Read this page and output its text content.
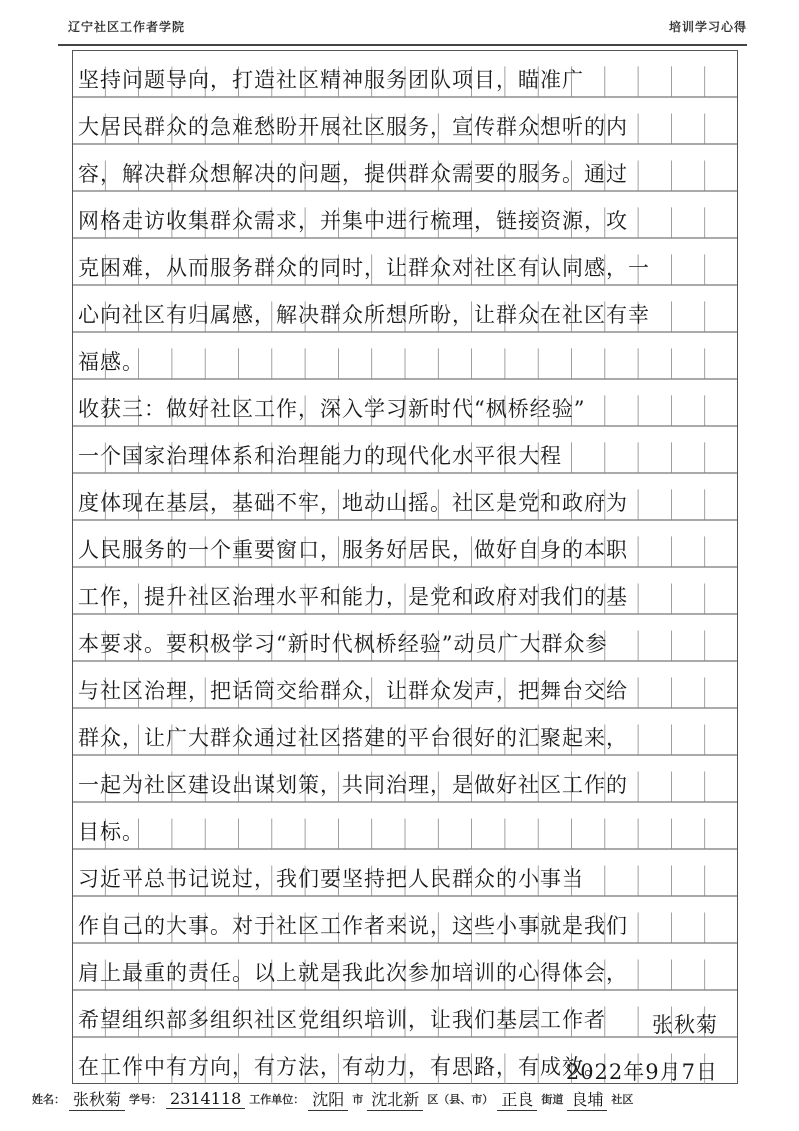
辽宁社区工作者学院	培训学习心得
坚持问题导向，打造社区精神服务团队项目，瞄准广
大居民群众的急难愁盼开展社区服务，宣传群众想听的内
容，解决群众想解决的问题，提供群众需要的服务。通过
网格走访收集群众需求，并集中进行梳理，链接资源，攻
克困难，从而服务群众的同时，让群众对社区有认同感，一
心向社区有归属感，解决群众所想所盼，让群众在社区有幸
福感。
收获三：做好社区工作，深入学习新时代“枫桥经验”
一个国家治理体系和治理能力的现代化水平很大程
度体现在基层，基础不牢，地动山摇。社区是党和政府为
人民服务的一个重要窗口，服务好居民，做好自身的本职
工作，提升社区治理水平和能力，是党和政府对我们的基
本要求。要积极学习“新时代枫桥经验”动员广大群众参
与社区治理，把话筒交给群众，让群众发声，把舞台交给
群众，让广大群众通过社区搭建的平台很好的汇聚起来，
一起为社区建设出谋划策，共同治理，是做好社区工作的
目标。
习近平总书记说过，我们要坚持把人民群众的小事当
作自己的大事。对于社区工作者来说，这些小事就是我们
肩上最重的责任。以上就是我此次参加培训的心得体会，
希望组织部多组织社区党组织培训，让我们基层工作者
在工作中有方向，有方法，有动力，有思路，有成效。
张秋菊
2022年9月7日
姓名： 张秋菊 学号： 2314118 工作单位： 沈阳 市 沈北新 区（县、市） 正良 街道 良埔 社区
